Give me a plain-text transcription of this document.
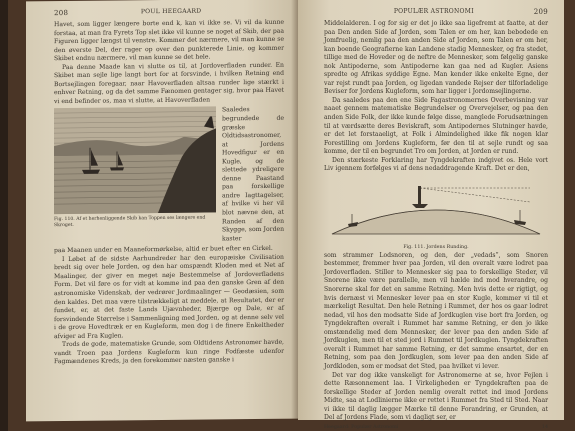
208	POUL HEEGAARD

Havet, som ligger længere borte end k, kan vi ikke se. Vi vil da kunne forstaa, at man fra Fyrets Top slet ikke vil kunne se noget af Skib, der paa Figuren ligger længst til venstre. Kommer det nærmere, vil man kunne se den øverste Del, der rager op over den punkterede Linie, og kommer Skibet endnu nærmere, vil man kunne se det hele.

Paa denne Maade kan vi slutte os til, at Jordoverfladen runder. En Skibet man sejle lige langt bort for at forsvinde, i hvilken Retning end Bortsejlingen foregaar, naar Havoverfladen altsaa runder lige stærkt i enhver Retning, og da det samme Fænomen gentager sig, hvor paa Havet vi end befinder os, maa vi slutte, at Havoverfladen

Fig. 110. Af et herhenliggende Skib kan Toppen ses længere end Skroget.
Saaledes begrundede de græske Oldtidsastronomer, at Jordens Hovedfigur er en Kugle, og de slettede ydreligere denne Paastand paa forskellige andre Iagttagelser, af hvilke vi her vil blot nævne den, at Randen af den Skygge, som Jorden kaster

paa Maanen under en Maaneformørkelse, altid er buet efter en Cirkel.

I Løbet af de sidste Aarhundreder har den europæiske Civilisation bredt sig over hele Jorden, og den har omspændt Kloden med et Net af Maalinger, der giver en meget nøje Bestemmelse af Jordoverfladens Form. Det vil føre os for vidt at komme ind paa den ganske Gren af den astronomiske Videnskab, der vedrører Jordmaalinger — Geodæsien, som den kaldes. Det maa være tilstrækkeligt at meddele, at Resultatet, der er fundet, er, at det faste Lands Ujævnheder, Bjærge og Dale, er af forsvindende Størrelse i Sammenligning med Jorden, og at denne selv vel i de grove Hovedtræk er en Kugleform, men dog i de finere Enkeltheder afviger ad Fra Kuglen.

Trods de gode, matematiske Grunde, som Oldtidens Astronomer havde, vandt Troen paa Jordens Kugleform kun ringe Fodfæste udenfor Fagmændenes Kreds, ja den forekommer næsten ganske i

POPULÆR ASTRONOMI	209

Middelalderen. I og for sig er det jo ikke saa ligefremt at faatte, at der paa Den anden Side af Jorden, som Talen er om her, kan bebodede en Jomfruelig, nemlig paa den anden Side af Jorden, som Talen er om her, kan boende Geografierne kan Landene stadig Mennesker, og fra stedet, tillige med de Hoveder og de neftre de Mennesker, som følgelig ganske nok Antipoderne, som Antipoderne kan gaa ned ad Kugler. Asiens spredte og Afrikas syddige Egne. Man kender ikke enkelte Egne, der var rejst rundt paa Jorden, og ligedan vandede Rejser der tilforladelige Beviser for Jordens Kugleform, som har ligger i Jordomsejlingerne.

Da saaledes paa den ene Side Fagastronomernes Overbevisning var naaet gennem matematiske Begrundelser og Overvejelser, og paa den anden Side Folk, der ikke kunde følge disse, manglede Forudsætningen til at værdsætte deres Beviskraft, som Antipodernes Slutninger havde, er det let forstaaeligt, at Folk i Almindelighed ikke fik nogen klar Forestilling om Jordens Kugleform, før den til at sejle rundt og saa komme, der til en begrundet Tro om Jorden, at Jorden er rund.

Den stærkeste Forklaring har Tyngdekraften indgivet os. Hele vort Liv igennem forfølges vi af dens nedaddragende Kraft. Det er den,

Fig. 111. Jordens Runding.

som strammer Lodsnoren, og den, der „vedads”, som Snoren bestemmer, fremmer hver paa Jorden, vil den overalt være lodret paa Jordoverfladen. Stiller to Mennesker sig paa to forskellige Steder, vil Snorene ikke være parallelle, men vil hælde ind mod hverandre, og Snorerne skal for det en samme Retning. Men hvis dette er rigtigt, og hvis dernæst vi Mennesker lever paa en stor Kugle, kommer vi til et mærkeligt Resultat. Den hele Retning i Rummet, der hos os gaar lodret nedad, vil hos den modsatte Side af Jordkuglen vise bort fra Jorden, og Tyngdekraften overalt i Rummet har samme Retning, er den jo ikke omstændelig med dem Mennesker, der lever paa den anden Side af Jordkuglen, men til et sted jord i Rummet til Jordkuglen. Tyngdekraften overalt i Rummet har samme Retning, er det samme ensartet, der en Retning, som paa den Jordkuglen, som lever paa den anden Side af Jordkloden, som er modsat det Sted, paa hvilket vi lever.

Det var dog ikke vanskeligt for Astronomerne at se, hvor Fejlen i dette Ræsonnement laa. I Virkeligheden er Tyngdekraften paa de forskellige Steder af Jorden nemlig overalt rettet ind imod Jordens Midte, saa at Lodlinierne ikke er rettet i Rummet fra Sted til Sted. Naar vi ikke til daglig lægger Mærke til denne Forandring, er Grunden, at Del af Jordens Flade, som vi dagligt ser, er

Heegaard: Populær Astronomi	14
